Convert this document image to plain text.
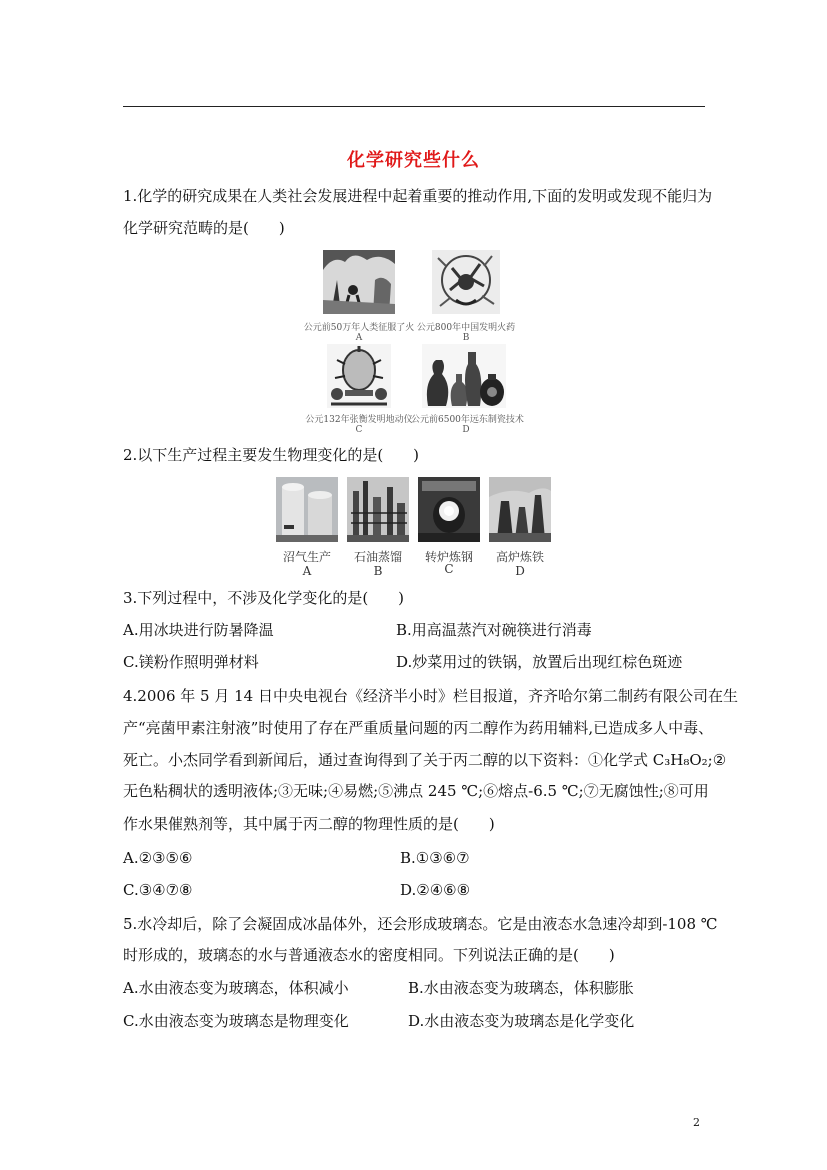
化学研究些什么
1.化学的研究成果在人类社会发展进程中起着重要的推动作用,下面的发明或发现不能归为
化学研究范畴的是(　　)
公元前50万年人类征服了火
A
公元800年中国发明火药
B
公元132年张衡发明地动仪
C
公元前6500年远东制瓷技术
D
2.以下生产过程主要发生物理变化的是(　　)
沼气生产
A
石油蒸馏
B
转炉炼钢
C
高炉炼铁
D
3.下列过程中，不涉及化学变化的是(　　)
A.用冰块进行防暑降温	B.用高温蒸汽对碗筷进行消毒
C.镁粉作照明弹材料	D.炒菜用过的铁锅，放置后出现红棕色斑迹
4.2006 年 5 月 14 日中央电视台《经济半小时》栏目报道，齐齐哈尔第二制药有限公司在生
产“亮菌甲素注射液”时使用了存在严重质量问题的丙二醇作为药用辅料,已造成多人中毒、
死亡。小杰同学看到新闻后，通过查询得到了关于丙二醇的以下资料：①化学式 C₃H₈O₂;②
无色粘稠状的透明液体;③无味;④易燃;⑤沸点 245 ℃;⑥熔点-6.5 ℃;⑦无腐蚀性;⑧可用
作水果催熟剂等，其中属于丙二醇的物理性质的是(　　)
A.②③⑤⑥	B.①③⑥⑦
C.③④⑦⑧	D.②④⑥⑧
5.水冷却后，除了会凝固成冰晶体外，还会形成玻璃态。它是由液态水急速冷却到-108 ℃
时形成的，玻璃态的水与普通液态水的密度相同。下列说法正确的是(　　)
A.水由液态变为玻璃态，体积减小	B.水由液态变为玻璃态，体积膨胀
C.水由液态变为玻璃态是物理变化	D.水由液态变为玻璃态是化学变化
2
